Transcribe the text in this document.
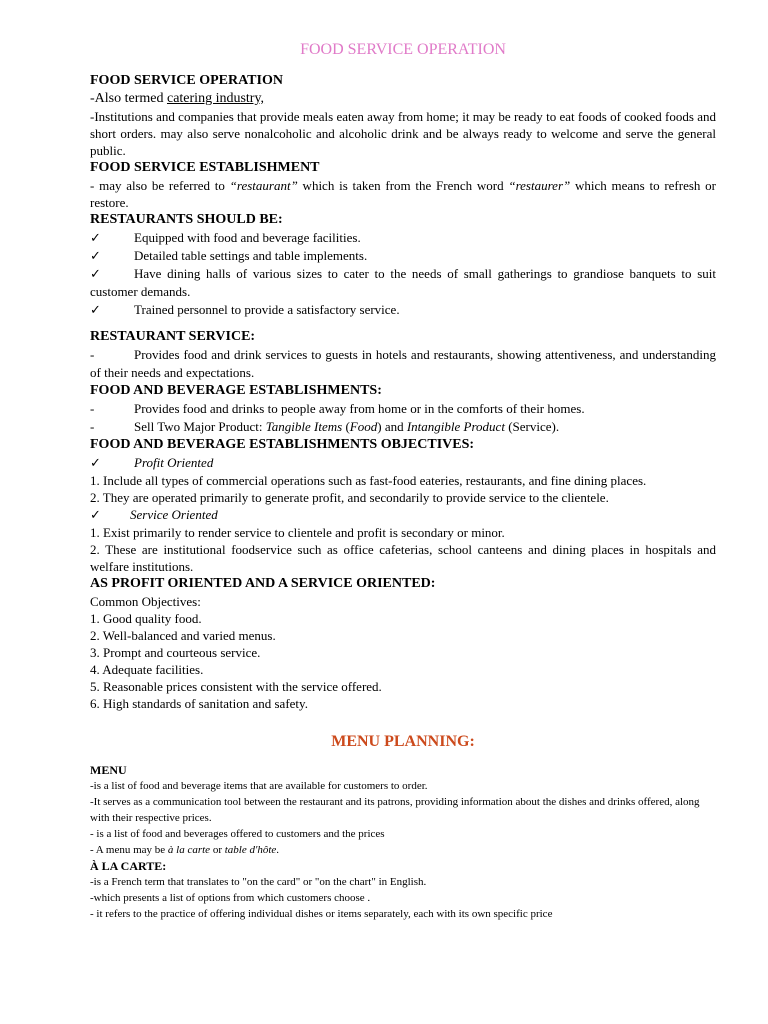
FOOD SERVICE OPERATION

FOOD SERVICE OPERATION

-Also termed catering industry,

-Institutions and companies that provide meals eaten away from home; it may be ready to eat foods of cooked foods and short orders. may also serve nonalcoholic and alcoholic drink and be always ready to welcome and serve the general public.

FOOD SERVICE ESTABLISHMENT

- may also be referred to “restaurant” which is taken from the French word “restaurer” which means to refresh or restore.

RESTAURANTS SHOULD BE:

✓	Equipped with food and beverage facilities.
✓	Detailed table settings and table implements.
✓	Have dining halls of various sizes to cater to the needs of small gatherings to grandiose banquets to suit customer demands.
✓	Trained personnel to provide a satisfactory service.

RESTAURANT SERVICE:

-	Provides food and drink services to guests in hotels and restaurants, showing attentiveness, and understanding of their needs and expectations.

FOOD AND BEVERAGE ESTABLISHMENTS:

-	Provides food and drinks to people away from home or in the comforts of their homes.
-	Sell Two Major Product: Tangible Items (Food) and Intangible Product (Service).

FOOD AND BEVERAGE ESTABLISHMENTS OBJECTIVES:

✓	Profit Oriented

1. Include all types of commercial operations such as fast-food eateries, restaurants, and fine dining places.

2. They are operated primarily to generate profit, and secondarily to provide service to the clientele.

✓	Service Oriented

1. Exist primarily to render service to clientele and profit is secondary or minor.

2. These are institutional foodservice such as office cafeterias, school canteens and dining places in hospitals and welfare institutions.

AS PROFIT ORIENTED AND A SERVICE ORIENTED:

Common Objectives:

1. Good quality food.

2. Well-balanced and varied menus.

3. Prompt and courteous service.

4. Adequate facilities.

5. Reasonable prices consistent with the service offered.

6. High standards of sanitation and safety.

MENU PLANNING:

MENU

-is a list of food and beverage items that are available for customers to order.

-It serves as a communication tool between the restaurant and its patrons, providing information about the dishes and drinks offered, along with their respective prices.

- is a list of food and beverages offered to customers and the prices

- A menu may be à la carte or table d'hôte.

À LA CARTE:

-is a French term that translates to "on the card" or "on the chart" in English.

-which presents a list of options from which customers choose .

- it refers to the practice of offering individual dishes or items separately, each with its own specific price
